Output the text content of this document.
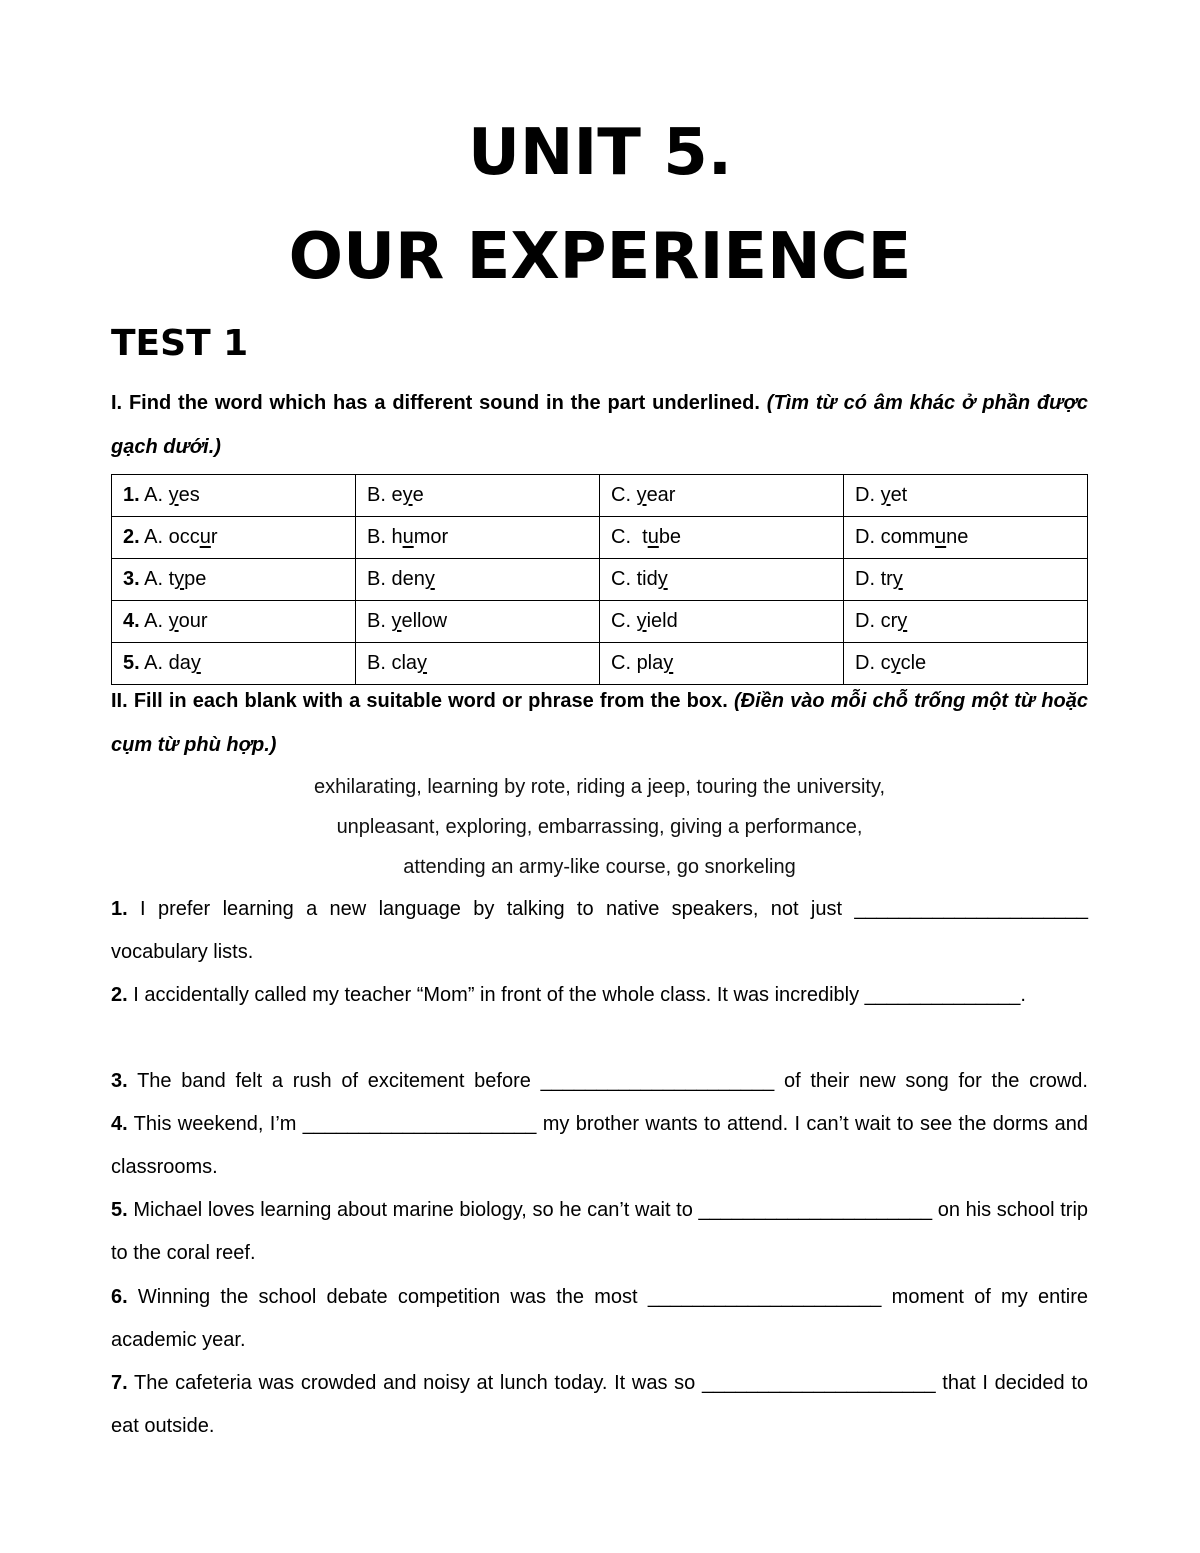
UNIT 5.
OUR EXPERIENCE
TEST 1
I. Find the word which has a different sound in the part underlined. (Tìm từ có âm khác ở phần được gạch dưới.)
1. A. yes	B. eye	C. year	D. yet
2. A. occur	B. humor	C.  tube	D. commune
3. A. type	B. deny	C. tidy	D. try
4. A. your	B. yellow	C. yield	D. cry
5. A. day	B. clay	C. play	D. cycle
II. Fill in each blank with a suitable word or phrase from the box. (Điền vào mỗi chỗ trống một từ hoặc cụm từ phù hợp.)
exhilarating, learning by rote, riding a jeep, touring the university,
unpleasant, exploring, embarrassing, giving a performance,
attending an army-like course, go snorkeling
1. I prefer learning a new language by talking to native speakers, not just _____________________ vocabulary lists.
2. I accidentally called my teacher “Mom” in front of the whole class. It was incredibly ______________.
3. The band felt a rush of excitement before _____________________ of their new song for the crowd.
4. This weekend, I’m _____________________ my brother wants to attend. I can’t wait to see the dorms and classrooms.
5. Michael loves learning about marine biology, so he can’t wait to _____________________ on his school trip to the coral reef.
6. Winning the school debate competition was the most _____________________ moment of my entire academic year.
7. The cafeteria was crowded and noisy at lunch today. It was so _____________________ that I decided to eat outside.
